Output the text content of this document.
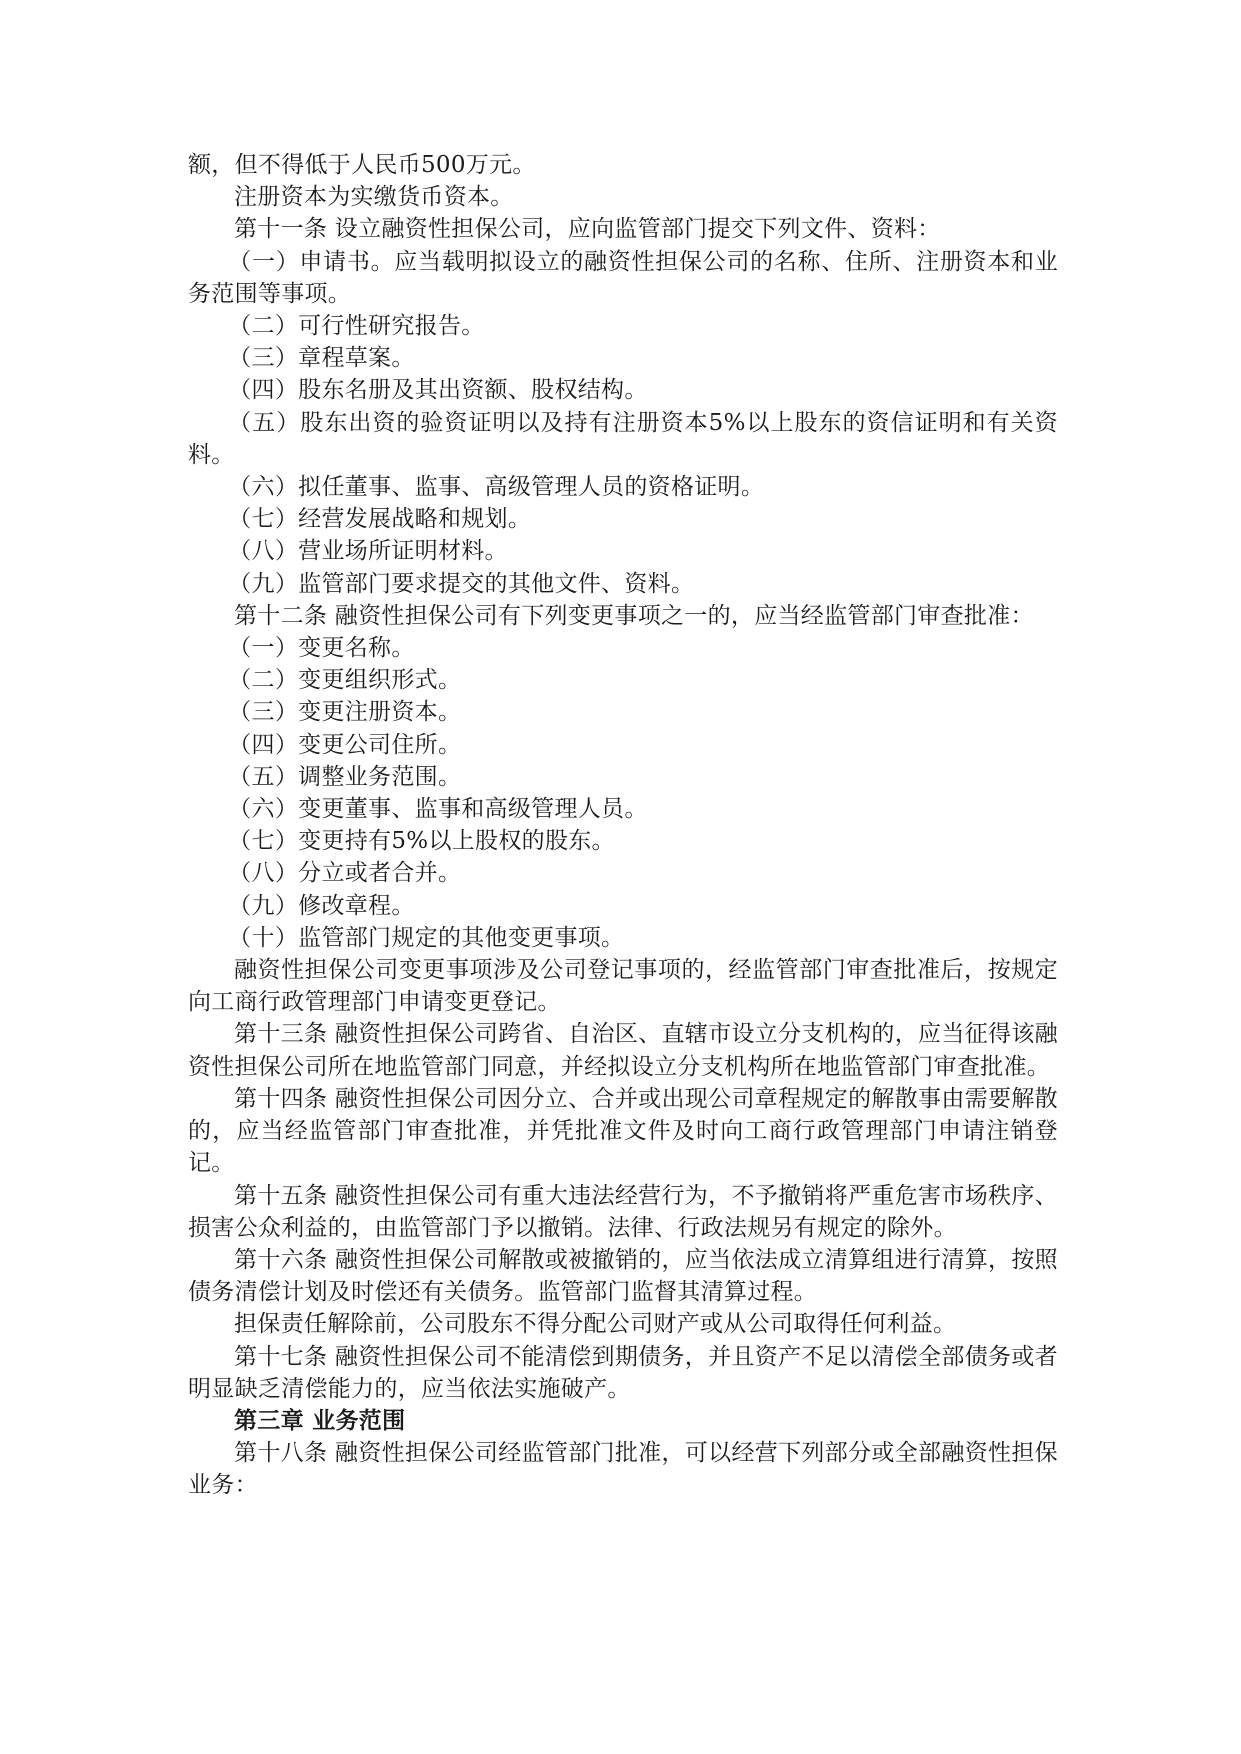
额，但不得低于人民币500万元。

注册资本为实缴货币资本。

第十一条 设立融资性担保公司，应向监管部门提交下列文件、资料：

（一）申请书。应当载明拟设立的融资性担保公司的名称、住所、注册资本和业务范围等事项。

（二）可行性研究报告。

（三）章程草案。

（四）股东名册及其出资额、股权结构。

（五）股东出资的验资证明以及持有注册资本5%以上股东的资信证明和有关资料。

（六）拟任董事、监事、高级管理人员的资格证明。

（七）经营发展战略和规划。

（八）营业场所证明材料。

（九）监管部门要求提交的其他文件、资料。

第十二条 融资性担保公司有下列变更事项之一的，应当经监管部门审查批准：

（一）变更名称。

（二）变更组织形式。

（三）变更注册资本。

（四）变更公司住所。

（五）调整业务范围。

（六）变更董事、监事和高级管理人员。

（七）变更持有5%以上股权的股东。

（八）分立或者合并。

（九）修改章程。

（十）监管部门规定的其他变更事项。

融资性担保公司变更事项涉及公司登记事项的，经监管部门审查批准后，按规定向工商行政管理部门申请变更登记。

第十三条 融资性担保公司跨省、自治区、直辖市设立分支机构的，应当征得该融资性担保公司所在地监管部门同意，并经拟设立分支机构所在地监管部门审查批准。

第十四条 融资性担保公司因分立、合并或出现公司章程规定的解散事由需要解散的，应当经监管部门审查批准，并凭批准文件及时向工商行政管理部门申请注销登记。

第十五条 融资性担保公司有重大违法经营行为，不予撤销将严重危害市场秩序、损害公众利益的，由监管部门予以撤销。法律、行政法规另有规定的除外。

第十六条 融资性担保公司解散或被撤销的，应当依法成立清算组进行清算，按照债务清偿计划及时偿还有关债务。监管部门监督其清算过程。

担保责任解除前，公司股东不得分配公司财产或从公司取得任何利益。

第十七条 融资性担保公司不能清偿到期债务，并且资产不足以清偿全部债务或者明显缺乏清偿能力的，应当依法实施破产。

第三章 业务范围

第十八条 融资性担保公司经监管部门批准，可以经营下列部分或全部融资性担保业务：
